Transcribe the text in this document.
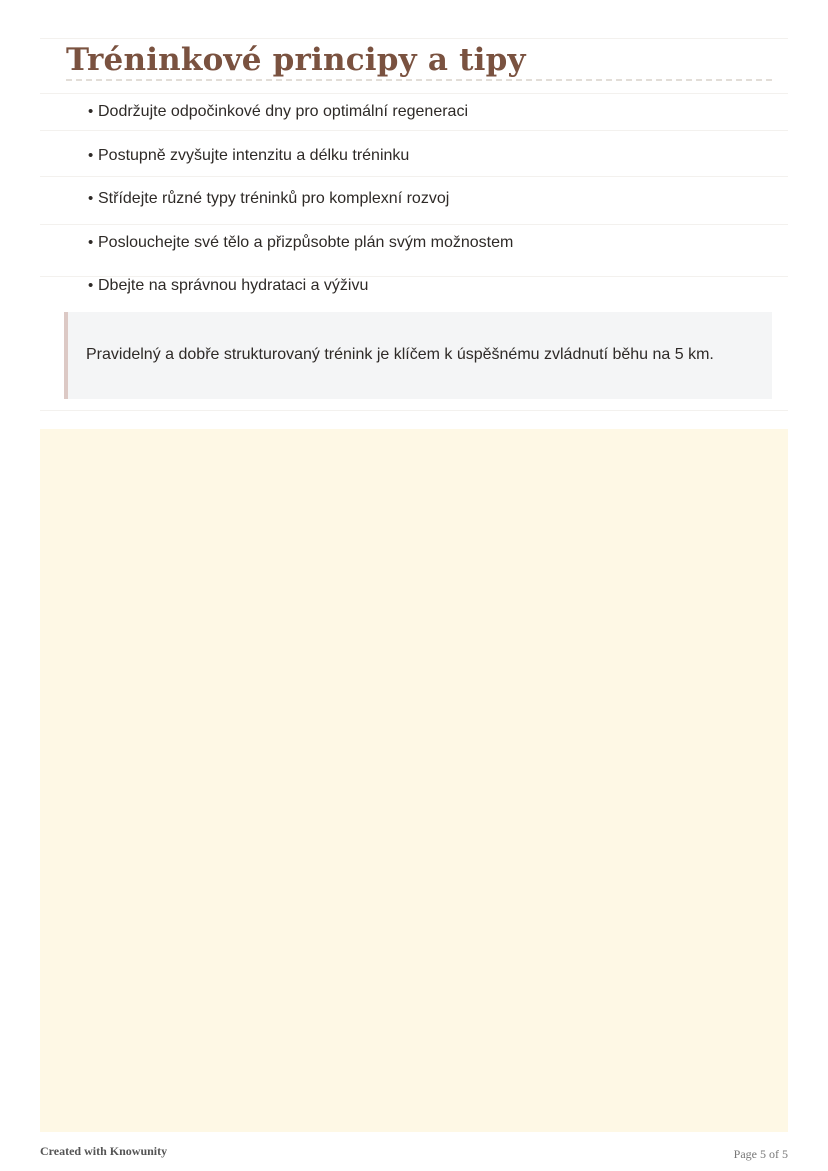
Tréninkové principy a tipy
• Dodržujte odpočinkové dny pro optimální regeneraci
• Postupně zvyšujte intenzitu a délku tréninku
• Střídejte různé typy tréninků pro komplexní rozvoj
• Poslouchejte své tělo a přizpůsobte plán svým možnostem
• Dbejte na správnou hydrataci a výživu
Pravidelný a dobře strukturovaný trénink je klíčem k úspěšnému zvládnutí běhu na 5 km.
Created with Knowunity	Page 5 of 5
